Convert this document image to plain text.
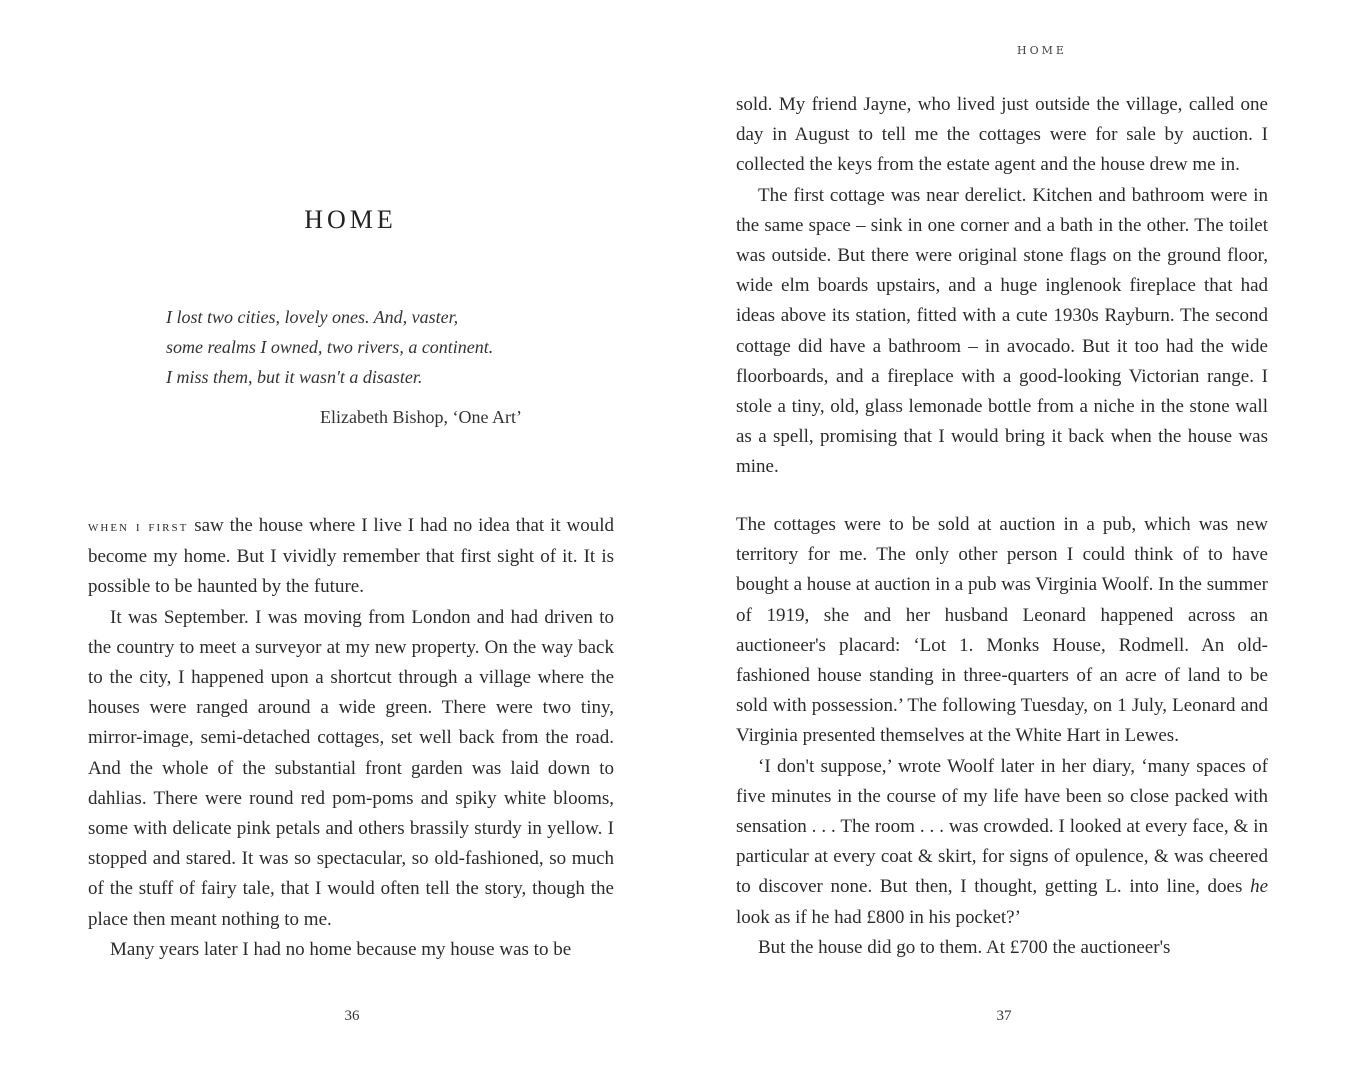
HOME
I lost two cities, lovely ones. And, vaster,
some realms I owned, two rivers, a continent.
I miss them, but it wasn't a disaster.
Elizabeth Bishop, ‘One Art’

when i first saw the house where I live I had no idea that it would become my home. But I vividly remember that first sight of it. It is possible to be haunted by the future.

It was September. I was moving from London and had driven to the country to meet a surveyor at my new property. On the way back to the city, I happened upon a shortcut through a village where the houses were ranged around a wide green. There were two tiny, mirror-image, semi-detached cottages, set well back from the road. And the whole of the substantial front garden was laid down to dahlias. There were round red pom-poms and spiky white blooms, some with delicate pink petals and others brassily sturdy in yellow. I stopped and stared. It was so spectacular, so old-fashioned, so much of the stuff of fairy tale, that I would often tell the story, though the place then meant nothing to me.

Many years later I had no home because my house was to be

36
HOME

sold. My friend Jayne, who lived just outside the village, called one day in August to tell me the cottages were for sale by auction. I collected the keys from the estate agent and the house drew me in.

The first cottage was near derelict. Kitchen and bathroom were in the same space – sink in one corner and a bath in the other. The toilet was outside. But there were original stone flags on the ground floor, wide elm boards upstairs, and a huge inglenook fireplace that had ideas above its station, fitted with a cute 1930s Rayburn. The second cottage did have a bathroom – in avocado. But it too had the wide floorboards, and a fireplace with a good-looking Victorian range. I stole a tiny, old, glass lemonade bottle from a niche in the stone wall as a spell, promising that I would bring it back when the house was mine.

The cottages were to be sold at auction in a pub, which was new territory for me. The only other person I could think of to have bought a house at auction in a pub was Virginia Woolf. In the summer of 1919, she and her husband Leonard happened across an auctioneer's placard: ‘Lot 1. Monks House, Rodmell. An old-fashioned house standing in three-quarters of an acre of land to be sold with possession.’ The following Tuesday, on 1 July, Leonard and Virginia presented themselves at the White Hart in Lewes.

‘I don't suppose,’ wrote Woolf later in her diary, ‘many spaces of five minutes in the course of my life have been so close packed with sensation . . . The room . . . was crowded. I looked at every face, & in particular at every coat & skirt, for signs of opulence, & was cheered to discover none. But then, I thought, getting L. into line, does he look as if he had £800 in his pocket?’

But the house did go to them. At £700 the auctioneer's

37
